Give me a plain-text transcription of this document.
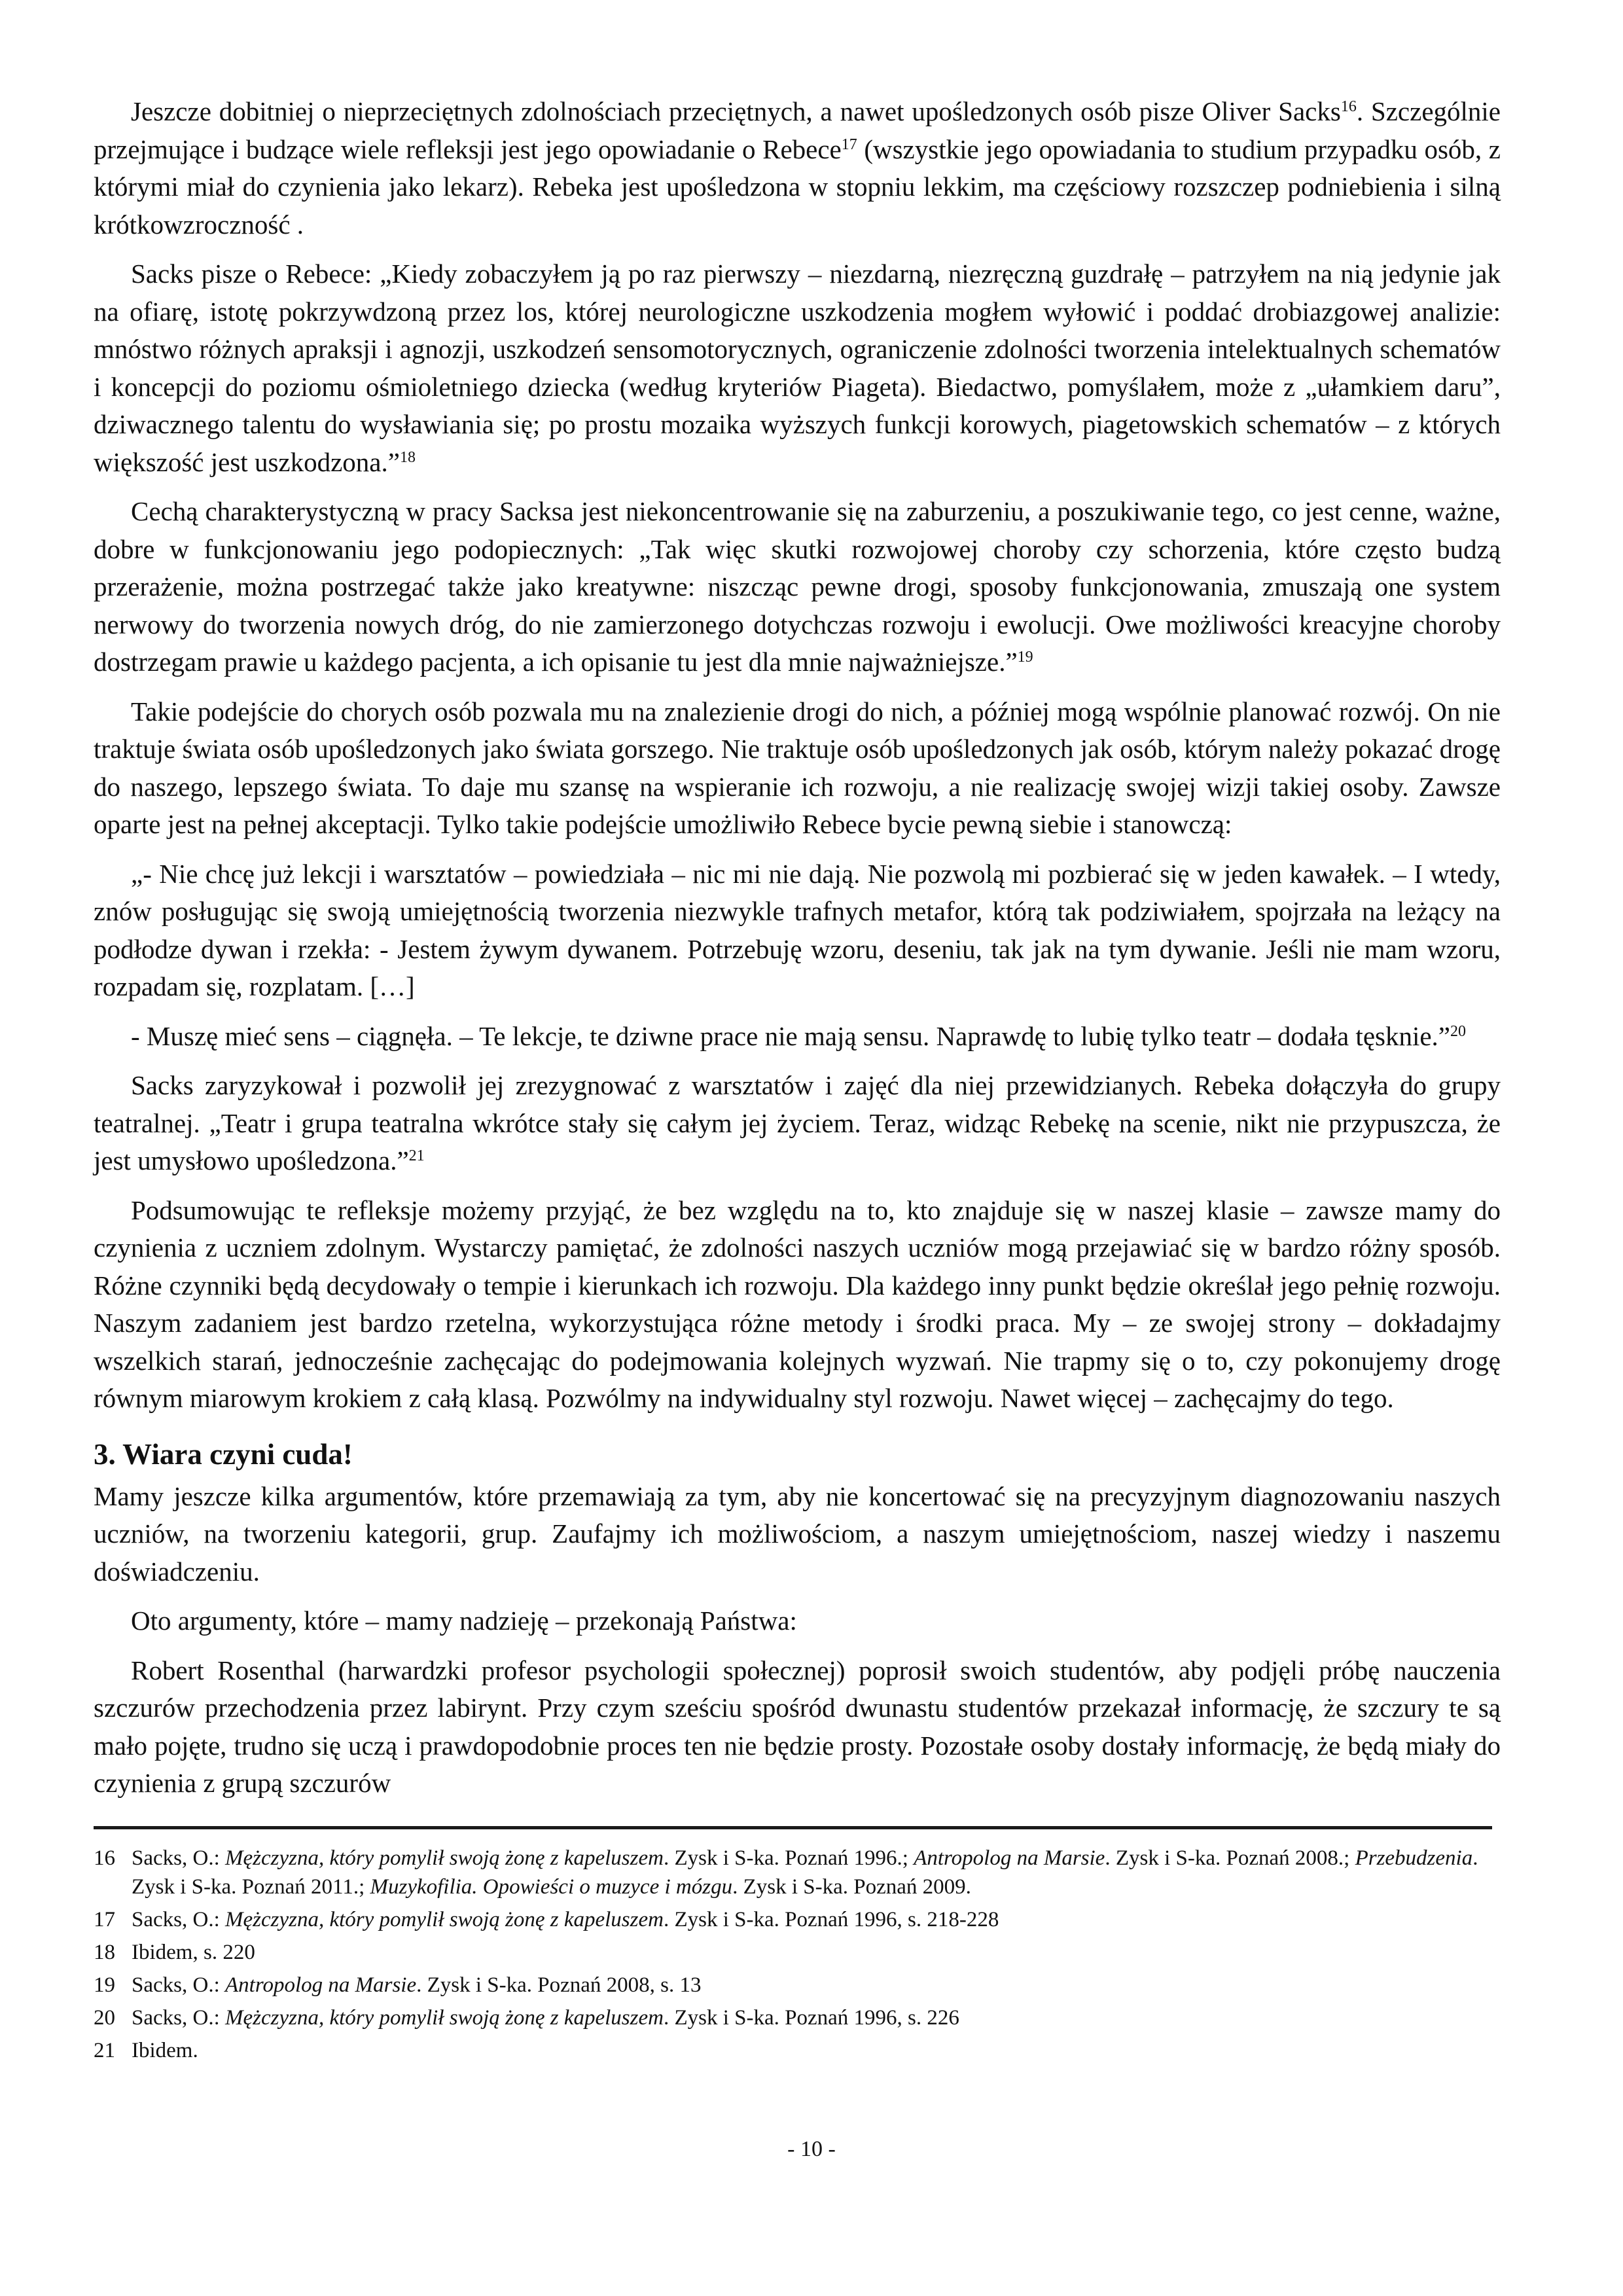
Jeszcze dobitniej o nieprzeciętnych zdolnościach przeciętnych, a nawet upośledzonych osób pisze Oliver Sacks$^{16}$. Szczególnie przejmujące i budzące wiele refleksji jest jego opowiadanie o Rebece$^{17}$ (wszystkie jego opowiadania to studium przypadku osób, z którymi miał do czynienia jako lekarz). Rebeka jest upośledzona w stopniu lekkim, ma częściowy rozszczep podniebienia i silną krótkowzroczność .

Sacks pisze o Rebece: „Kiedy zobaczyłem ją po raz pierwszy – niezdarną, niezręczną guzdrałę – patrzyłem na nią jedynie jak na ofiarę, istotę pokrzywdzoną przez los, której neurologiczne uszkodzenia mogłem wyłowić i poddać drobiazgowej analizie: mnóstwo różnych apraksji i agnozji, uszkodzeń sensomotorycznych, ograniczenie zdolności tworzenia intelektualnych schematów i koncepcji do poziomu ośmioletniego dziecka (według kryteriów Piageta). Biedactwo, pomyślałem, może z „ułamkiem daru”, dziwacznego talentu do wysławiania się; po prostu mozaika wyższych funkcji korowych, piagetowskich schematów – z których większość jest uszkodzona.”$^{18}$

Cechą charakterystyczną w pracy Sacksa jest niekoncentrowanie się na zaburzeniu, a poszukiwanie tego, co jest cenne, ważne, dobre w funkcjonowaniu jego podopiecznych: „Tak więc skutki rozwojowej choroby czy schorzenia, które często budzą przerażenie, można postrzegać także jako kreatywne: niszcząc pewne drogi, sposoby funkcjonowania, zmuszają one system nerwowy do tworzenia nowych dróg, do nie zamierzonego dotychczas rozwoju i ewolucji. Owe możliwości kreacyjne choroby dostrzegam prawie u każdego pacjenta, a ich opisanie tu jest dla mnie najważniejsze.”$^{19}$

Takie podejście do chorych osób pozwala mu na znalezienie drogi do nich, a później mogą wspólnie planować rozwój. On nie traktuje świata osób upośledzonych jako świata gorszego. Nie traktuje osób upośledzonych jak osób, którym należy pokazać drogę do naszego, lepszego świata. To daje mu szansę na wspieranie ich rozwoju, a nie realizację swojej wizji takiej osoby. Zawsze oparte jest na pełnej akceptacji. Tylko takie podejście umożliwiło Rebece bycie pewną siebie i stanowczą:

„- Nie chcę już lekcji i warsztatów – powiedziała – nic mi nie dają. Nie pozwolą mi pozbierać się w jeden kawałek. – I wtedy, znów posługując się swoją umiejętnością tworzenia niezwykle trafnych metafor, którą tak podziwiałem, spojrzała na leżący na podłodze dywan i rzekła: - Jestem żywym dywanem. Potrzebuję wzoru, deseniu, tak jak na tym dywanie. Jeśli nie mam wzoru, rozpadam się, rozplatam. […]

- Muszę mieć sens – ciągnęła. – Te lekcje, te dziwne prace nie mają sensu. Naprawdę to lubię tylko teatr – dodała tęsknie.”$^{20}$

Sacks zaryzykował i pozwolił jej zrezygnować z warsztatów i zajęć dla niej przewidzianych. Rebeka dołączyła do grupy teatralnej. „Teatr i grupa teatralna wkrótce stały się całym jej życiem. Teraz, widząc Rebekę na scenie, nikt nie przypuszcza, że jest umysłowo upośledzona.”$^{21}$

Podsumowując te refleksje możemy przyjąć, że bez względu na to, kto znajduje się w naszej klasie – zawsze mamy do czynienia z uczniem zdolnym. Wystarczy pamiętać, że zdolności naszych uczniów mogą przejawiać się w bardzo różny sposób. Różne czynniki będą decydowały o tempie i kierunkach ich rozwoju. Dla każdego inny punkt będzie określał jego pełnię rozwoju. Naszym zadaniem jest bardzo rzetelna, wykorzystująca różne metody i środki praca. My – ze swojej strony – dokładajmy wszelkich starań, jednocześnie zachęcając do podejmowania kolejnych wyzwań. Nie trapmy się o to, czy pokonujemy drogę równym miarowym krokiem z całą klasą. Pozwólmy na indywidualny styl rozwoju. Nawet więcej – zachęcajmy do tego.

3. Wiara czyni cuda!

Mamy jeszcze kilka argumentów, które przemawiają za tym, aby nie koncertować się na precyzyjnym diagnozowaniu naszych uczniów, na tworzeniu kategorii, grup. Zaufajmy ich możliwościom, a naszym umiejętnościom, naszej wiedzy i naszemu doświadczeniu.

Oto argumenty, które – mamy nadzieję – przekonają Państwa:

Robert Rosenthal (harwardzki profesor psychologii społecznej) poprosił swoich studentów, aby podjęli próbę nauczenia szczurów przechodzenia przez labirynt. Przy czym sześciu spośród dwunastu studentów przekazał informację, że szczury te są mało pojęte, trudno się uczą i prawdopodobnie proces ten nie będzie prosty. Pozostałe osoby dostały informację, że będą miały do czynienia z grupą szczurów

16 Sacks, O.: Mężczyzna, który pomylił swoją żonę z kapeluszem. Zysk i S-ka. Poznań 1996.; Antropolog na Marsie. Zysk i S-ka. Poznań 2008.; Przebudzenia. Zysk i S-ka. Poznań 2011.; Muzykofilia. Opowieści o muzyce i mózgu. Zysk i S-ka. Poznań 2009.
17 Sacks, O.: Mężczyzna, który pomylił swoją żonę z kapeluszem. Zysk i S-ka. Poznań 1996, s. 218-228
18 Ibidem, s. 220
19 Sacks, O.: Antropolog na Marsie. Zysk i S-ka. Poznań 2008, s. 13
20 Sacks, O.: Mężczyzna, który pomylił swoją żonę z kapeluszem. Zysk i S-ka. Poznań 1996, s. 226
21 Ibidem.
- 10 -
